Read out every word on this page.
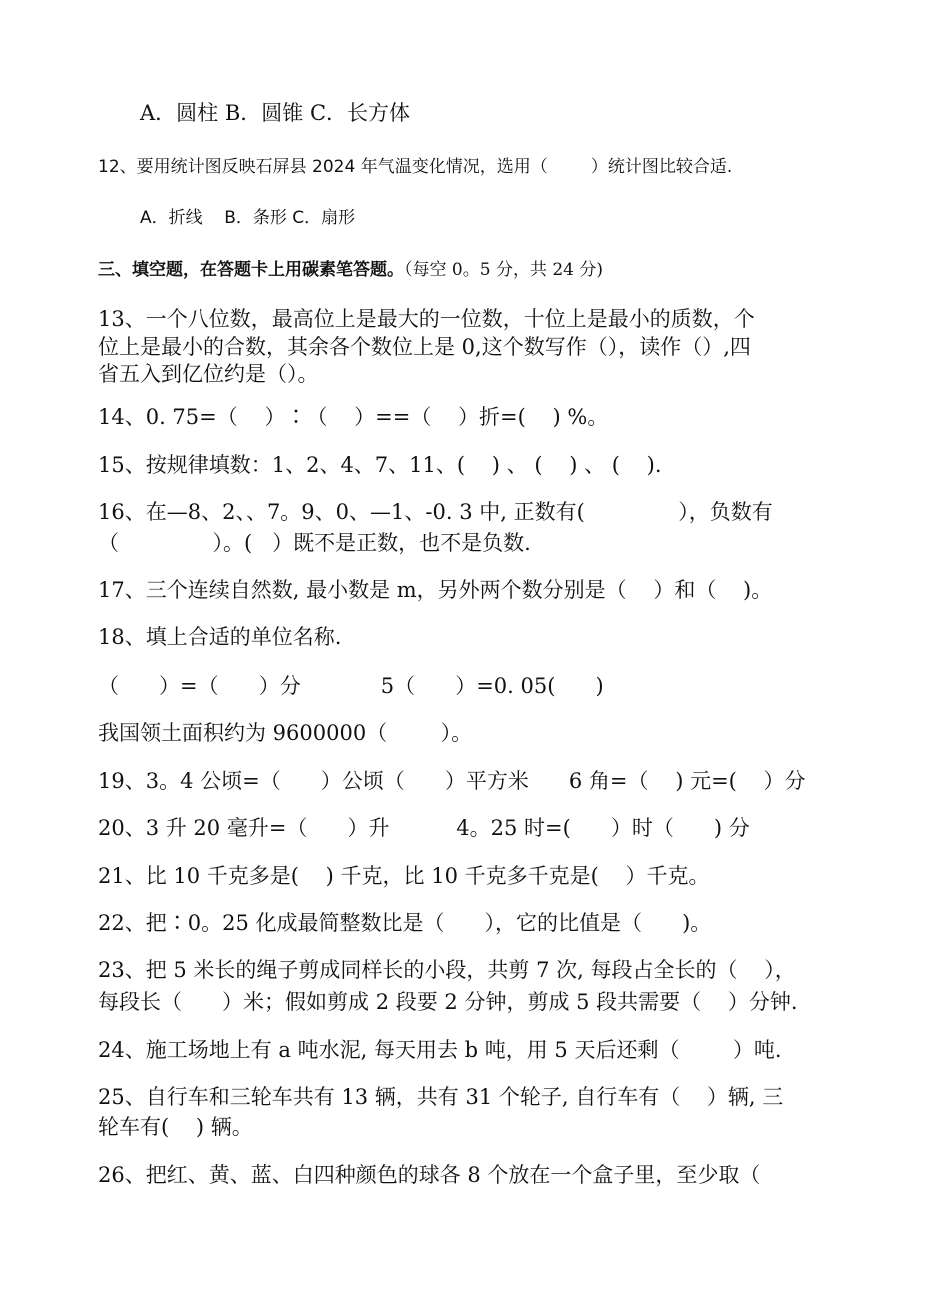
A．圆柱 B．圆锥 C．长方体
12、要用统计图反映石屏县 2024 年气温变化情况，选用（        ）统计图比较合适.
A．折线    B．条形 C．扇形
三、填空题，在答题卡上用碳素笔答题。（每空 0。5 分，共 24 分)
13、一个八位数，最高位上是最大的一位数，十位上是最小的质数，个
位上是最小的合数，其余各个数位上是 0,这个数写作（），读作（）,四
省五入到亿位约是（）。
14、0. 75=（    ）∶（    ）==（    ）折=(    ) %。
15、按规律填数：1、2、4、7、11、(    ) 、 (    ) 、 (    ).
16、在—8、2、、7。9、0、—1、-0. 3 中, 正数有(              ），负数有
（              ）。(   ）既不是正数，也不是负数.
17、三个连续自然数, 最小数是 m，另外两个数分别是（    ）和（    )。
18、填上合适的单位名称.
（      ）=（      ）分            5（      ）=0. 05(      )
我国领土面积约为 9600000（        ）。
19、3。4 公顷=（      ）公顷（      ）平方米      6 角=（    ) 元=(    ）分
20、3 升 20 毫升=（      ）升          4。25 时=(      ）时（      ) 分
21、比 10 千克多是(    ) 千克，比 10 千克多千克是(    ）千克。
22、把∶0。25 化成最简整数比是（      ），它的比值是（      )。
23、把 5 米长的绳子剪成同样长的小段，共剪 7 次, 每段占全长的（    ），
每段长（      ）米；假如剪成 2 段要 2 分钟，剪成 5 段共需要（    ）分钟.
24、施工场地上有 a 吨水泥, 每天用去 b 吨，用 5 天后还剩（        ）吨.
25、自行车和三轮车共有 13 辆，共有 31 个轮子, 自行车有（    ）辆, 三
轮车有(    ) 辆。
26、把红、黄、蓝、白四种颜色的球各 8 个放在一个盒子里，至少取（
